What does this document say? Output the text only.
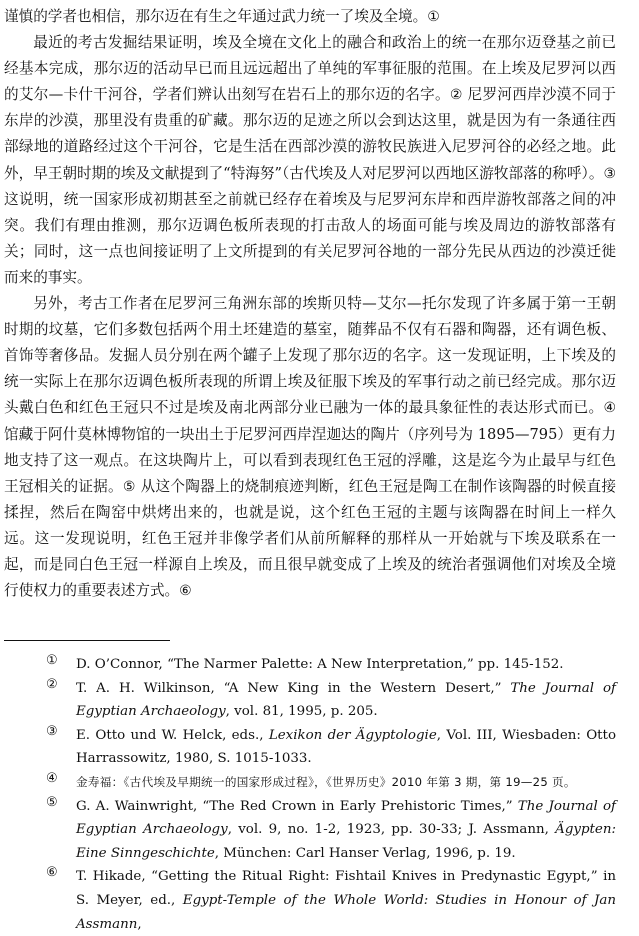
谨慎的学者也相信，那尔迈在有生之年通过武力统一了埃及全境。①

最近的考古发掘结果证明，埃及全境在文化上的融合和政治上的统一在那尔迈登基之前已经基本完成，那尔迈的活动早已而且远远超出了单纯的军事征服的范围。在上埃及尼罗河以西的艾尔—卡什干河谷，学者们辨认出刻写在岩石上的那尔迈的名字。② 尼罗河西岸沙漠不同于东岸的沙漠，那里没有贵重的矿藏。那尔迈的足迹之所以会到达这里，就是因为有一条通往西部绿地的道路经过这个干河谷，它是生活在西部沙漠的游牧民族进入尼罗河谷的必经之地。此外，早王朝时期的埃及文献提到了“特海努”（古代埃及人对尼罗河以西地区游牧部落的称呼）。③ 这说明，统一国家形成初期甚至之前就已经存在着埃及与尼罗河东岸和西岸游牧部落之间的冲突。我们有理由推测，那尔迈调色板所表现的打击敌人的场面可能与埃及周边的游牧部落有关；同时，这一点也间接证明了上文所提到的有关尼罗河谷地的一部分先民从西边的沙漠迁徙而来的事实。

另外，考古工作者在尼罗河三角洲东部的埃斯贝特—艾尔—托尔发现了许多属于第一王朝时期的坟墓，它们多数包括两个用土坯建造的墓室，随葬品不仅有石器和陶器，还有调色板、首饰等奢侈品。发掘人员分别在两个罐子上发现了那尔迈的名字。这一发现证明，上下埃及的统一实际上在那尔迈调色板所表现的所谓上埃及征服下埃及的军事行动之前已经完成。那尔迈头戴白色和红色王冠只不过是埃及南北两部分业已融为一体的最具象征性的表达形式而已。④ 馆藏于阿什莫林博物馆的一块出土于尼罗河西岸涅迦达的陶片（序列号为 1895—795）更有力地支持了这一观点。在这块陶片上，可以看到表现红色王冠的浮雕，这是迄今为止最早与红色王冠相关的证据。⑤ 从这个陶器上的烧制痕迹判断，红色王冠是陶工在制作该陶器的时候直接揉捏，然后在陶窑中烘烤出来的，也就是说，这个红色王冠的主题与该陶器在时间上一样久远。这一发现说明，红色王冠并非像学者们从前所解释的那样从一开始就与下埃及联系在一起，而是同白色王冠一样源自上埃及，而且很早就变成了上埃及的统治者强调他们对埃及全境行使权力的重要表述方式。⑥

① D. O’Connor, “The Narmer Palette: A New Interpretation,” pp. 145-152.
② T. A. H. Wilkinson, “A New King in the Western Desert,” The Journal of Egyptian Archaeology, vol. 81, 1995, p. 205.
③ E. Otto und W. Helck, eds., Lexikon der Ägyptologie, Vol. III, Wiesbaden: Otto Harrassowitz, 1980, S. 1015-1033.
④ 金寿福：《古代埃及早期统一的国家形成过程》，《世界历史》2010 年第 3 期，第 19—25 页。
⑤ G. A. Wainwright, “The Red Crown in Early Prehistoric Times,” The Journal of Egyptian Archaeology, vol. 9, no. 1-2, 1923, pp. 30-33; J. Assmann, Ägypten: Eine Sinngeschichte, München: Carl Hanser Verlag, 1996, p. 19.
⑥ T. Hikade, “Getting the Ritual Right: Fishtail Knives in Predynastic Egypt,” in S. Meyer, ed., Egypt-Temple of the Whole World: Studies in Honour of Jan Assmann,
